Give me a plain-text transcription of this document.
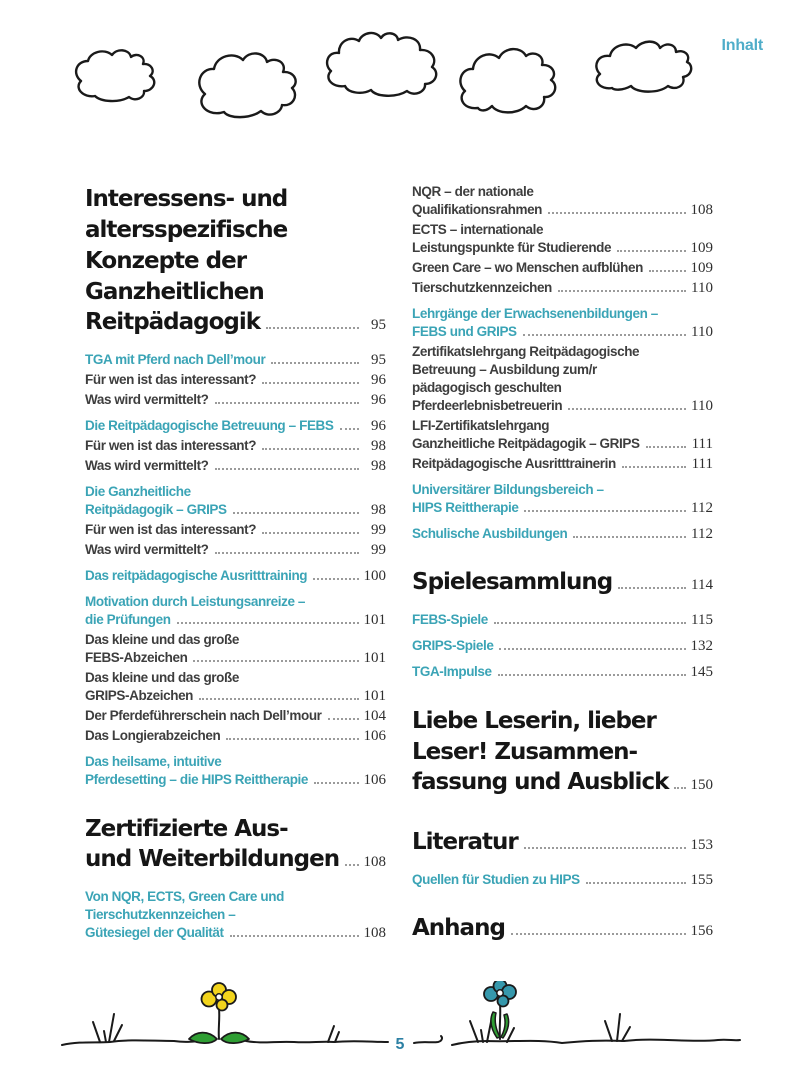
Inhalt
Interessens- und
altersspezifische
Konzepte der
Ganzheitlichen
Reitpädagogik	95
TGA mit Pferd nach Dell’mour	95
Für wen ist das interessant?	96
Was wird vermittelt?	96
Die Reitpädagogische Betreuung – FEBS	96
Für wen ist das interessant?	98
Was wird vermittelt?	98
Die Ganzheitliche
Reitpädagogik – GRIPS	98
Für wen ist das interessant?	99
Was wird vermittelt?	99
Das reitpädagogische Ausritttraining	100
Motivation durch Leistungsanreize –
die Prüfungen	101
Das kleine und das große
FEBS-Abzeichen	101
Das kleine und das große
GRIPS-Abzeichen	101
Der Pferdeführerschein nach Dell’mour	104
Das Longierabzeichen	106
Das heilsame, intuitive
Pferdesetting – die HIPS Reittherapie	106
Zertifizierte Aus-
und Weiterbildungen 108
Von NQR, ECTS, Green Care und
Tierschutzkennzeichen –
Gütesiegel der Qualität	108
NQR – der nationale
Qualifikationsrahmen	108
ECTS – internationale
Leistungspunkte für Studierende	109
Green Care – wo Menschen aufblühen	109
Tierschutzkennzeichen	110
Lehrgänge der Erwachsenenbildungen –
FEBS und GRIPS	110
Zertifikatslehrgang Reitpädagogische
Betreuung – Ausbildung zum/r
pädagogisch geschulten
Pferdeerlebnisbetreuerin	110
LFI-Zertifikatslehrgang
Ganzheitliche Reitpädagogik – GRIPS	111
Reitpädagogische Ausritttrainerin	111
Universitärer Bildungsbereich –
HIPS Reittherapie	112
Schulische Ausbildungen	112
Spielesammlung	114
FEBS-Spiele	115
GRIPS-Spiele	132
TGA-Impulse	145
Liebe Leserin, lieber
Leser! Zusammen-
fassung und Ausblick 150
Literatur	153
Quellen für Studien zu HIPS	155
Anhang	156
5
